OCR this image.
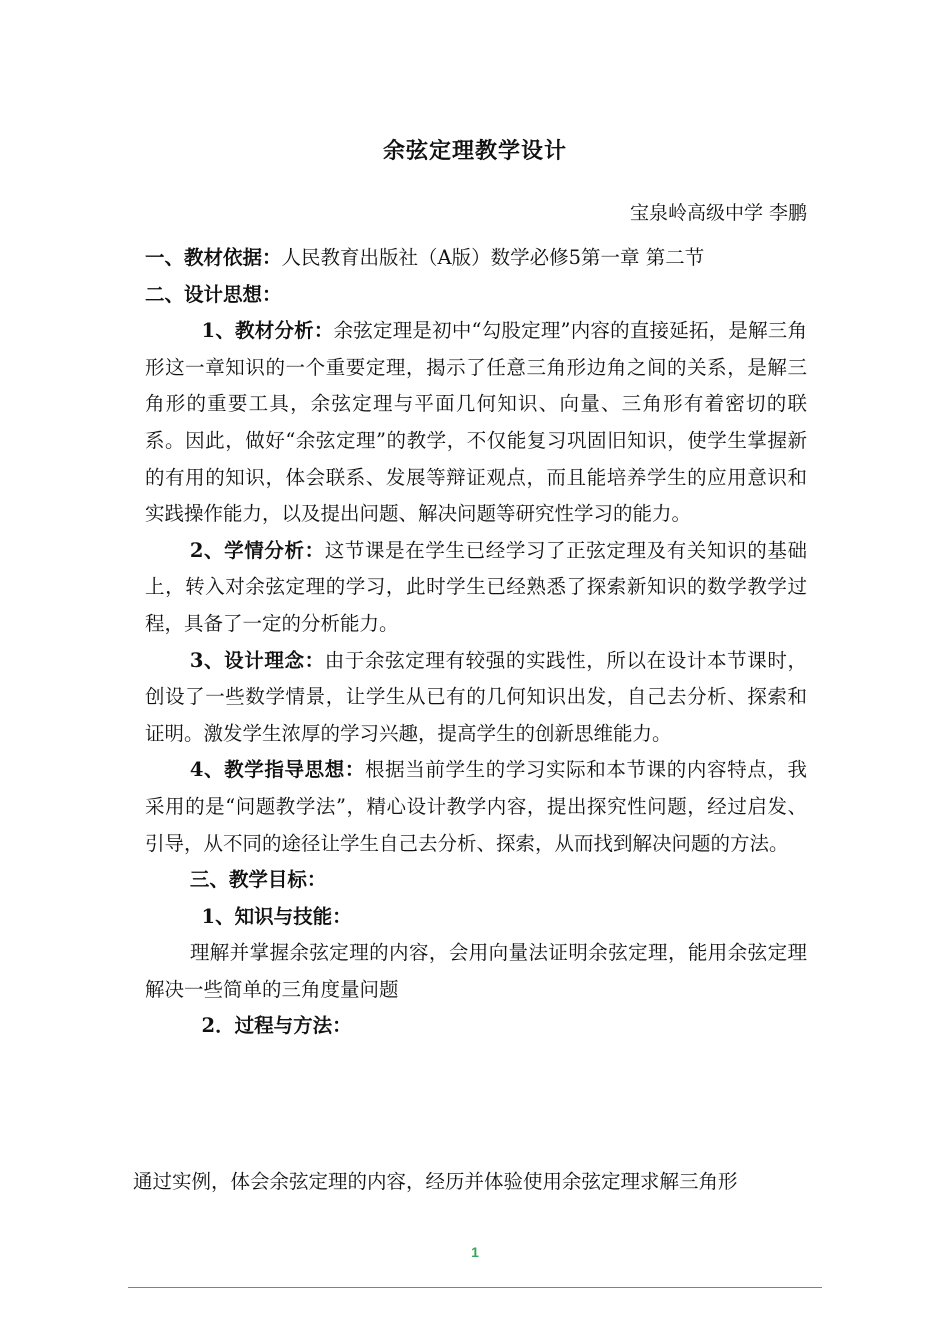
余弦定理教学设计
宝泉岭高级中学 李鹏

一、教材依据：人民教育出版社（A版）数学必修5第一章 第二节

二、设计思想：

1、教材分析：余弦定理是初中“勾股定理”内容的直接延拓，是解三角形这一章知识的一个重要定理，揭示了任意三角形边角之间的关系，是解三角形的重要工具，余弦定理与平面几何知识、向量、三角形有着密切的联系。因此，做好“余弦定理”的教学，不仅能复习巩固旧知识，使学生掌握新的有用的知识，体会联系、发展等辩证观点，而且能培养学生的应用意识和实践操作能力，以及提出问题、解决问题等研究性学习的能力。

2、学情分析：这节课是在学生已经学习了正弦定理及有关知识的基础上，转入对余弦定理的学习，此时学生已经熟悉了探索新知识的数学教学过程，具备了一定的分析能力。

3、设计理念：由于余弦定理有较强的实践性，所以在设计本节课时，创设了一些数学情景，让学生从已有的几何知识出发，自己去分析、探索和证明。激发学生浓厚的学习兴趣，提高学生的创新思维能力。

4、教学指导思想：根据当前学生的学习实际和本节课的内容特点，我采用的是“问题教学法”，精心设计教学内容，提出探究性问题，经过启发、引导，从不同的途径让学生自己去分析、探索，从而找到解决问题的方法。

三、教学目标：

1、知识与技能：

理解并掌握余弦定理的内容，会用向量法证明余弦定理，能用余弦定理解决一些简单的三角度量问题

2．过程与方法：

通过实例，体会余弦定理的内容，经历并体验使用余弦定理求解三角形
1
